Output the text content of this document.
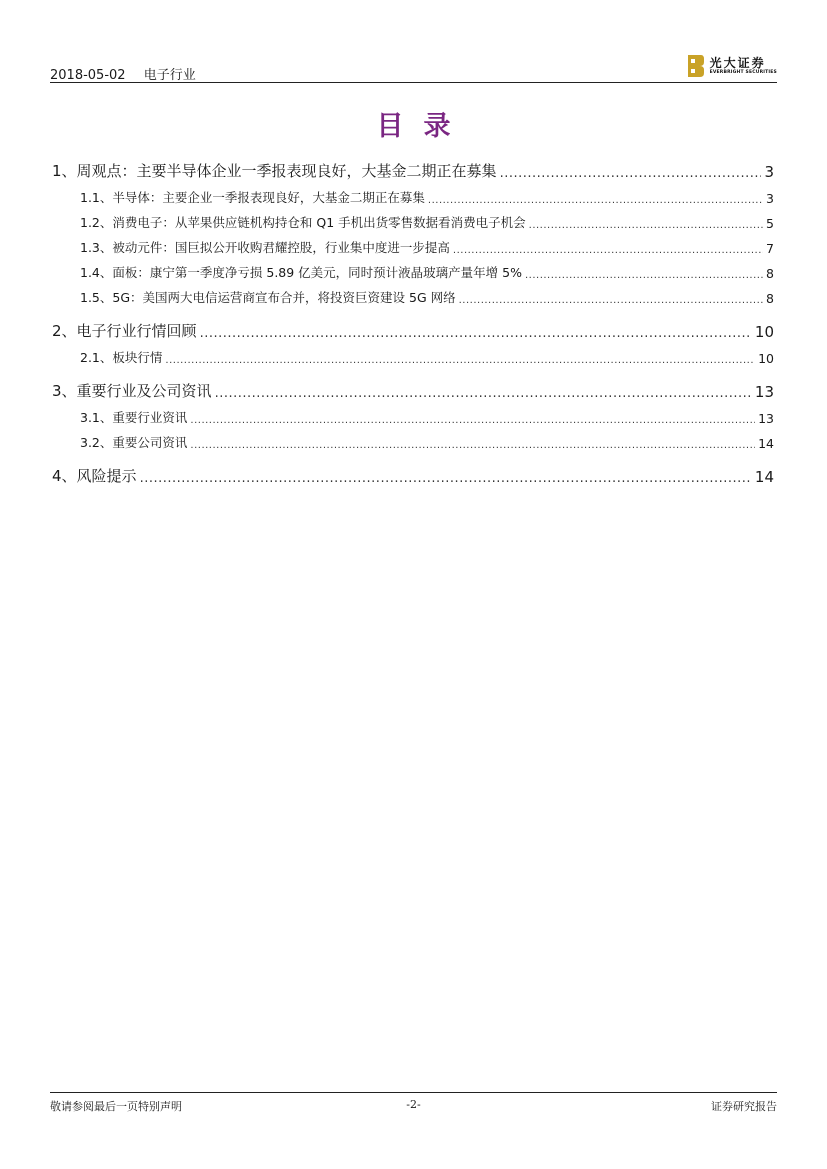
2018-05-02 电子行业
光大证券
EVERBRIGHT SECURITIES
目录
1、 周观点：主要半导体企业一季报表现良好，大基金二期正在募集 .....	3
1.1、 半导体：主要企业一季报表现良好，大基金二期正在募集 .....	3
1.2、 消费电子：从苹果供应链机构持仓和 Q1 手机出货零售数据看消费电子机会 .....	5
1.3、 被动元件：国巨拟公开收购君耀控股，行业集中度进一步提高 .....	7
1.4、 面板：康宁第一季度净亏损 5.89 亿美元，同时预计液晶玻璃产量年增 5% .....	8
1.5、 5G：美国两大电信运营商宣布合并，将投资巨资建设 5G 网络 .....	8
2、 电子行业行情回顾 .....	10
2.1、 板块行情 .....	10
3、 重要行业及公司资讯 .....	13
3.1、 重要行业资讯 .....	13
3.2、 重要公司资讯 .....	14
4、 风险提示 .....	14
敬请参阅最后一页特别声明	-2-	证券研究报告
